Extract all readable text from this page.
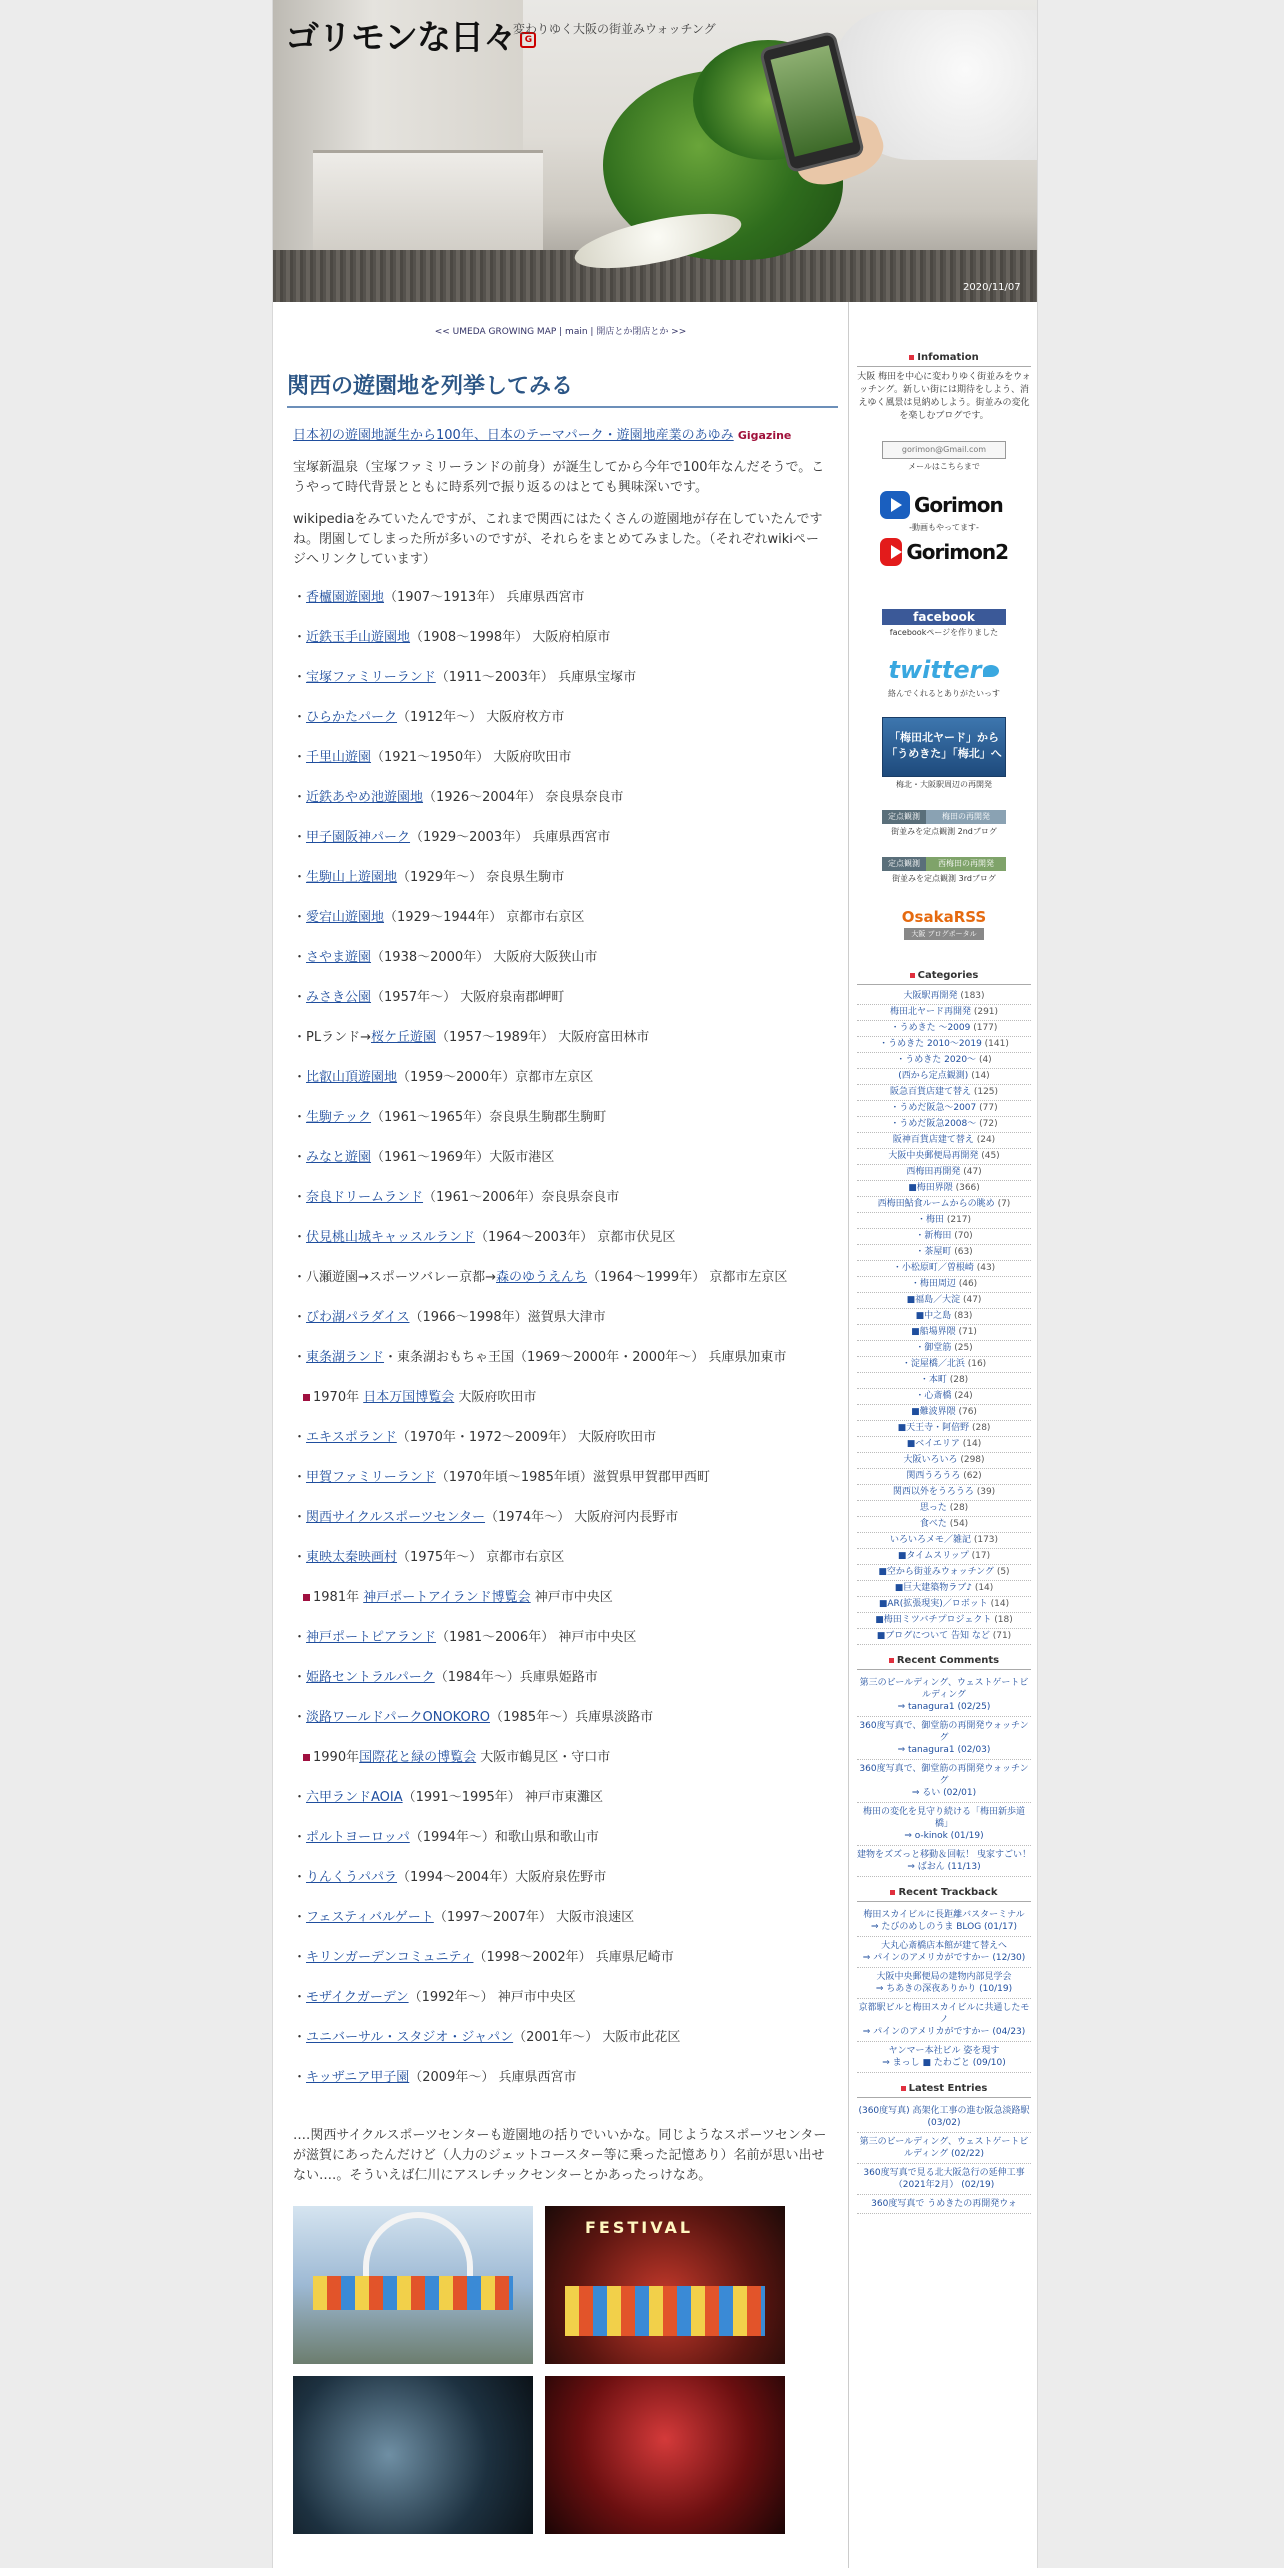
ゴリモンな日々 G
変わりゆく大阪の街並みウォッチング
2020/11/07
<< UMEDA GROWING MAP | main | 開店とか閉店とか >>
関西の遊園地を列挙してみる

日本初の遊園地誕生から100年、日本のテーマパーク・遊園地産業のあゆみ Gigazine

宝塚新温泉（宝塚ファミリーランドの前身）が誕生してから今年で100年なんだそうで。こうやって時代背景とともに時系列で振り返るのはとても興味深いです。

wikipediaをみていたんですが、これまで関西にはたくさんの遊園地が存在していたんですね。閉園してしまった所が多いのですが、それらをまとめてみました。（それぞれwikiページへリンクしています）

・香櫨園遊園地（1907～1913年） 兵庫県西宮市
・近鉄玉手山遊園地（1908～1998年） 大阪府柏原市
・宝塚ファミリーランド（1911～2003年） 兵庫県宝塚市
・ひらかたパーク（1912年～） 大阪府枚方市
・千里山遊園（1921～1950年） 大阪府吹田市
・近鉄あやめ池遊園地（1926～2004年） 奈良県奈良市
・甲子園阪神パーク（1929～2003年） 兵庫県西宮市
・生駒山上遊園地（1929年～） 奈良県生駒市
・愛宕山遊園地（1929～1944年） 京都市右京区
・さやま遊園（1938～2000年） 大阪府大阪狭山市
・みさき公園（1957年～） 大阪府泉南郡岬町
・PLランド→桜ケ丘遊園（1957～1989年） 大阪府富田林市
・比叡山頂遊園地（1959～2000年）京都市左京区
・生駒テック（1961～1965年）奈良県生駒郡生駒町
・みなと遊園（1961～1969年）大阪市港区
・奈良ドリームランド（1961～2006年）奈良県奈良市
・伏見桃山城キャッスルランド（1964～2003年） 京都市伏見区
・八瀬遊園→スポーツバレー京都→森のゆうえんち（1964～1999年） 京都市左京区
・びわ湖パラダイス（1966～1998年）滋賀県大津市
・東条湖ランド・東条湖おもちゃ王国（1969～2000年・2000年～） 兵庫県加東市
1970年 日本万国博覧会 大阪府吹田市
・エキスポランド（1970年・1972～2009年） 大阪府吹田市
・甲賀ファミリーランド（1970年頃～1985年頃）滋賀県甲賀郡甲西町
・関西サイクルスポーツセンター（1974年～） 大阪府河内長野市
・東映太秦映画村（1975年～） 京都市右京区
1981年 神戸ポートアイランド博覧会 神戸市中央区
・神戸ポートピアランド（1981～2006年） 神戸市中央区
・姫路セントラルパーク（1984年～）兵庫県姫路市
・淡路ワールドパークONOKORO（1985年～）兵庫県淡路市
1990年国際花と緑の博覧会 大阪市鶴見区・守口市
・六甲ランドAOIA（1991～1995年） 神戸市東灘区
・ポルトヨーロッパ（1994年～）和歌山県和歌山市
・りんくうパパラ（1994～2004年）大阪府泉佐野市
・フェスティバルゲート（1997～2007年） 大阪市浪速区
・キリンガーデンコミュニティ（1998～2002年） 兵庫県尼崎市
・モザイクガーデン（1992年～） 神戸市中央区
・ユニバーサル・スタジオ・ジャパン（2001年～） 大阪市此花区
・キッザニア甲子園（2009年～） 兵庫県西宮市
‥‥関西サイクルスポーツセンターも遊園地の括りでいいかな。同じようなスポーツセンターが滋賀にあったんだけど（人力のジェットコースター等に乗った記憶あり）名前が思い出せない‥‥。そういえば仁川にアスレチックセンターとかあったっけなあ。
FESTIVAL
Infomation
大阪 梅田を中心に変わりゆく街並みをウォッチング。新しい街には期待をしよう、消えゆく風景は見納めしよう。街並みの変化を楽しむブログです。
gorimon@Gmail.com
メールはこちらまで
Gorimon
-動画もやってます-
Gorimon2
facebook
facebookページを作りました
twitter
絡んでくれるとありがたいっす
「梅田北ヤード」から
「うめきた」「梅北」へ
梅北・大阪駅周辺の再開発
定点観測	梅田の再開発
街並みを定点観測 2ndブログ
定点観測	西梅田の再開発
街並みを定点観測 3rdブログ
OsakaRSS
大阪 ブログポータル
Categories
大阪駅再開発 (183)
梅田北ヤード再開発 (291)
・うめきた ～2009 (177)
・うめきた 2010～2019 (141)
・うめきた 2020～ (4)
(西から定点観測) (14)
阪急百貨店建て替え (125)
・うめだ阪急～2007 (77)
・うめだ阪急2008～ (72)
阪神百貨店建て替え (24)
大阪中央郵便局再開発 (45)
西梅田再開発 (47)
■梅田界隈 (366)
西梅田鮎食ルームからの眺め (7)
・梅田 (217)
・新梅田 (70)
・茶屋町 (63)
・小松原町／曽根崎 (43)
・梅田周辺 (46)
■福島／大淀 (47)
■中之島 (83)
■船場界隈 (71)
・御堂筋 (25)
・淀屋橋／北浜 (16)
・本町 (28)
・心斎橋 (24)
■難波界隈 (76)
■天王寺・阿倍野 (28)
■ベイエリア (14)
大阪いろいろ (298)
関西うろうろ (62)
関西以外をうろうろ (39)
思った (28)
食べた (54)
いろいろメモ／雑記 (173)
■タイムスリップ (17)
■空から街並みウォッチング (5)
■巨大建築物ラブ♪ (14)
■AR(拡張現実)／ロボット (14)
■梅田ミツバチプロジェクト (18)
■ブログについて 告知 など (71)
Recent Comments
第三のビールディング、ウェストゲートビルディング
⇒ tanagura1 (02/25)
360度写真で、御堂筋の再開発ウォッチング
⇒ tanagura1 (02/03)
360度写真で、御堂筋の再開発ウォッチング
⇒ るい (02/01)
梅田の変化を見守り続ける「梅田新歩道橋」
⇒ o-kinok (01/19)
建物をズズっと移動＆回転！ 曳家すごい！
⇒ ばおん (11/13)
Recent Trackback
梅田スカイビルに長距離バスターミナル
⇒ たびのめしのうま BLOG (01/17)
大丸心斎橋店本館が建て替えへ
⇒ パインのアメリカがですかー (12/30)
大阪中央郵便局の建物内部見学会
⇒ ちあきの深夜ありかり (10/19)
京都駅ビルと梅田スカイビルに共通したモノ
⇒ パインのアメリカがですかー (04/23)
ヤンマー本社ビル 姿を現す
⇒ まっし ■ たわごと (09/10)
Latest Entries
(360度写真) 高架化工事の進む阪急淡路駅 (03/02)
第三のビールディング、ウェストゲートビルディング (02/22)
360度写真で見る北大阪急行の延伸工事（2021年2月） (02/19)
360度写真で うめきたの再開発ウォ
